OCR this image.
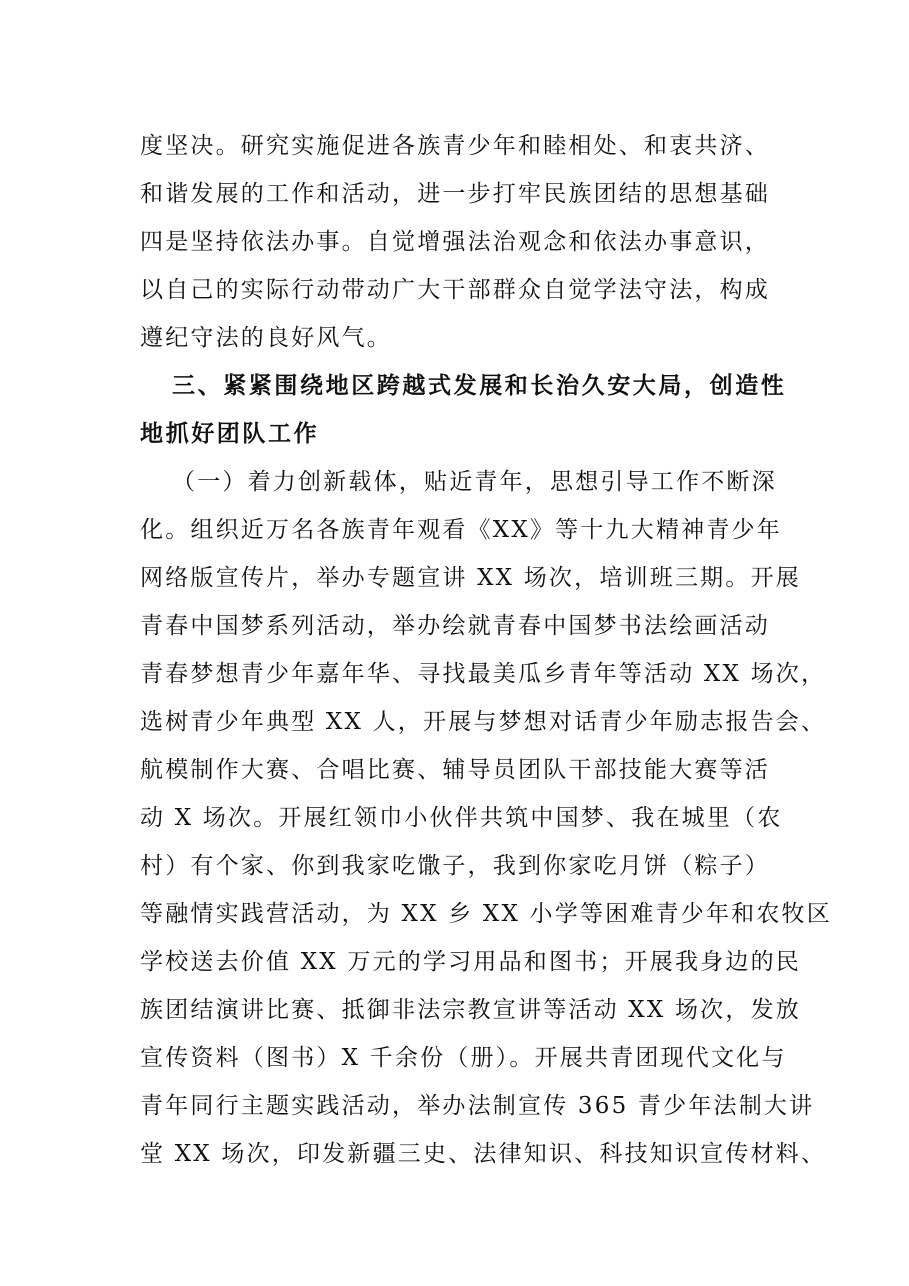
度坚决。研究实施促进各族青少年和睦相处、和衷共济、
和谐发展的工作和活动，进一步打牢民族团结的思想基础
四是坚持依法办事。自觉增强法治观念和依法办事意识，
以自己的实际行动带动广大干部群众自觉学法守法，构成
遵纪守法的良好风气。
三、紧紧围绕地区跨越式发展和长治久安大局，创造性
地抓好团队工作
（一）着力创新载体，贴近青年，思想引导工作不断深
化。组织近万名各族青年观看《XX》等十九大精神青少年
网络版宣传片，举办专题宣讲 XX 场次，培训班三期。开展
青春中国梦系列活动，举办绘就青春中国梦书法绘画活动
青春梦想青少年嘉年华、寻找最美瓜乡青年等活动 XX 场次，
选树青少年典型 XX 人，开展与梦想对话青少年励志报告会、
航模制作大赛、合唱比赛、辅导员团队干部技能大赛等活
动 X 场次。开展红领巾小伙伴共筑中国梦、我在城里（农
村）有个家、你到我家吃馓子，我到你家吃月饼（粽子）
等融情实践营活动，为 XX 乡 XX 小学等困难青少年和农牧区
学校送去价值 XX 万元的学习用品和图书；开展我身边的民
族团结演讲比赛、抵御非法宗教宣讲等活动 XX 场次，发放
宣传资料（图书）X 千余份（册）。开展共青团现代文化与
青年同行主题实践活动，举办法制宣传 365 青少年法制大讲
堂 XX 场次，印发新疆三史、法律知识、科技知识宣传材料、
